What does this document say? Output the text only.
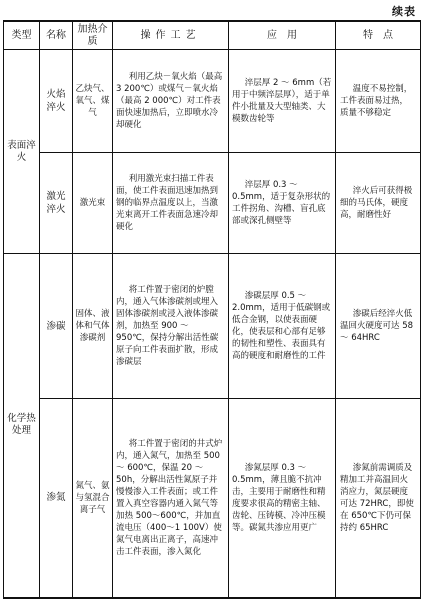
续表
类型	名称	加热介质	操作工艺	应　用	特　点
表面淬火	火焰淬火	乙炔气、氧气、煤气	利用乙炔－氧火焰（最高 3 200℃）或煤气－氧火焰（最高 2 000℃）对工件表面快速加热后，立即喷水冷却硬化	淬层厚 2 ～ 6mm（若用于中频淬层厚），适于单件小批量及大型轴类、大模数齿轮等	温度不易控制，工件表面易过热，质量不够稳定
	激光淬火	激光束	利用激光束扫描工件表面，使工件表面迅速加热到钢的临界点温度以上，当激光束离开工件表面急速冷却硬化	淬层厚 0.3 ～ 0.5mm，适于复杂形状的工件拐角、沟槽、盲孔底部或深孔侧壁等	淬火后可获得极细的马氏体，硬度高，耐磨性好
化学热处理	渗碳	固体、液体和气体渗碳剂	将工件置于密闭的炉膛内，通入气体渗碳剂或埋入固体渗碳剂或浸入液体渗碳剂，加热至 900 ～ 950℃，保持分解出活性碳原子向工件表面扩散，形成渗碳层	渗碳层厚 0.5 ～ 2.0mm，适用于低碳钢或低合金钢，以使表面硬化，使表层和心部有足够的韧性和塑性、表面具有高的硬度和耐磨性的工件	渗碳后经淬火低温回火硬度可达 58 ～ 64HRC
	渗氮	氮气、氨与氢混合离子气	将工件置于密闭的井式炉内，通入氮气，加热至 500 ～ 600℃，保温 20 ～ 50h，分解出活性氮原子并慢慢渗入工件表面；或工件置入真空容器内通入氮气等加热 500～600℃，并加直流电压（400～1 100V）使氮气电离出正离子，高速冲击工件表面，渗入氮化	渗氮层厚 0.3 ～ 0.5mm，薄且脆不抗冲击，主要用于耐磨性和精度要求很高的精密主轴、齿轮、压铸模、冷冲压模等。碳氮共渗应用更广	渗氮前需调质及精加工并高温回火消应力，氮层硬度可达 72HRC，即使在 650℃下仍可保持约 65HRC
